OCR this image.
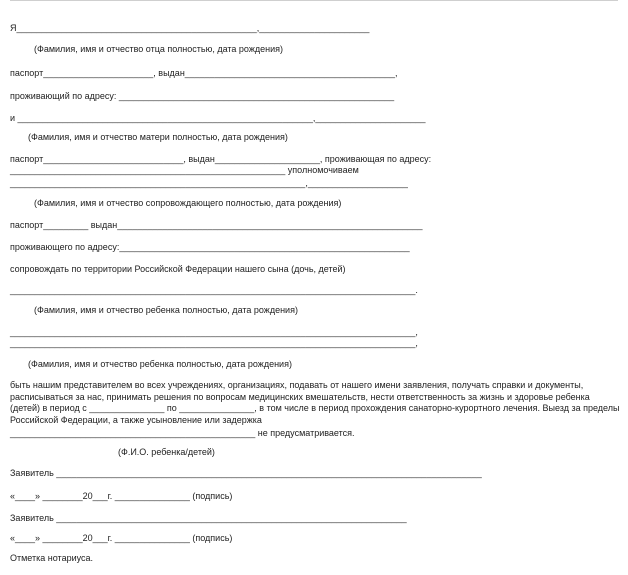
Я________________________________________________,______________________
(Фамилия, имя и отчество отца полностью, дата рождения)
паспорт______________________, выдан__________________________________________,
проживающий по адресу: _______________________________________________________
и ___________________________________________________________,______________________
(Фамилия, имя и отчество матери полностью, дата рождения)
паспорт____________________________, выдан_____________________, проживающая по адресу:
_______________________________________________________ уполномочиваем
___________________________________________________________,____________________
(Фамилия, имя и отчество сопровождающего полностью, дата рождения)
паспорт_________ выдан_____________________________________________________________
проживающего по адресу:__________________________________________________________
сопровождать по территории Российской Федерации нашего сына (дочь, детей)
_________________________________________________________________________________.
(Фамилия, имя и отчество ребенка полностью, дата рождения)
_________________________________________________________________________________,
_________________________________________________________________________________,
(Фамилия, имя и отчество ребенка полностью, дата рождения)
быть нашим представителем во всех учреждениях, организациях, подавать от нашего имени заявления, получать справки и документы, расписываться за нас, принимать решения по вопросам медицинских вмешательств, нести ответственность за жизнь и здоровье ребенка (детей) в период с _______________ по _______________, в том числе в период прохождения санаторно-курортного лечения. Выезд за пределы Российской Федерации, а также усыновление или задержка
_________________________________________________ не предусматривается.
(Ф.И.О. ребенка/детей)
Заявитель _____________________________________________________________________________________
«____» ________20___г. _______________ (подпись)
Заявитель ______________________________________________________________________
«____» ________20___г. _______________ (подпись)
Отметка нотариуса.
